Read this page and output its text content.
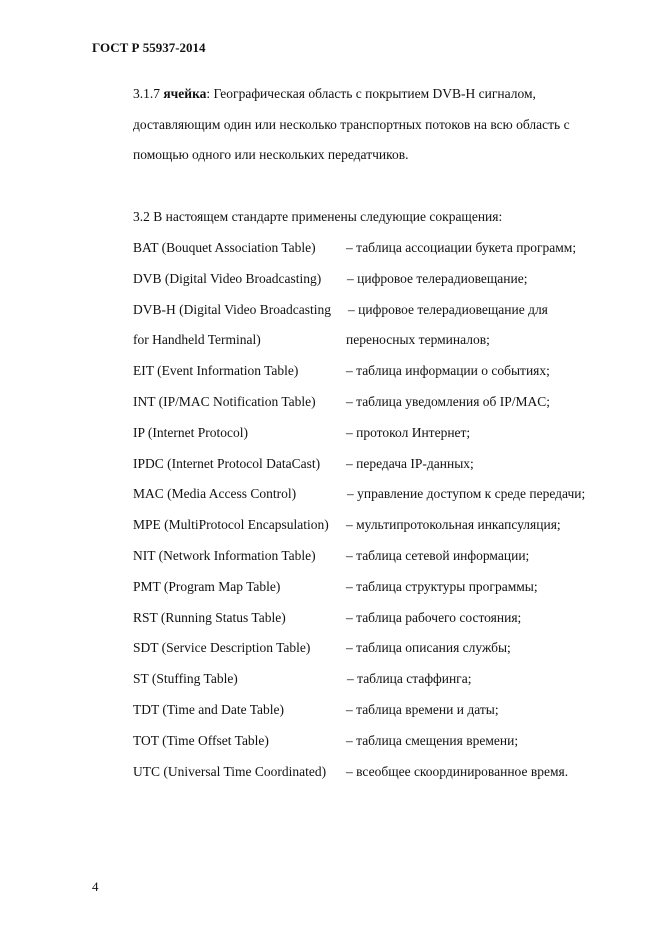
ГОСТ Р 55937-2014
3.1.7 ячейка: Географическая область с покрытием DVB-H сигналом,
доставляющим один или несколько транспортных потоков на всю область с
помощью одного или нескольких передатчиков.
3.2 В настоящем стандарте применены следующие сокращения:
BAT (Bouquet Association Table) – таблица ассоциации букета программ;
DVB (Digital Video Broadcasting) – цифровое телерадиовещание;
DVB-H (Digital Video Broadcasting – цифровое телерадиовещание для
for Handheld Terminal)	переносных терминалов;
EIT (Event Information Table)	– таблица информации о событиях;
INT (IP/MAC Notification Table) – таблица уведомления об IP/MAC;
IP (Internet Protocol)	– протокол Интернет;
IPDC (Internet Protocol DataCast) – передача IP-данных;
MAC (Media Access Control)	– управление доступом к среде передачи;
MPE (MultiProtocol Encapsulation) – мультипротокольная инкапсуляция;
NIT (Network Information Table) – таблица сетевой информации;
PMT (Program Map Table)	– таблица структуры программы;
RST (Running Status Table)	– таблица рабочего состояния;
SDT (Service Description Table)	– таблица описания службы;
ST (Stuffing Table)	– таблица стаффинга;
TDT (Time and Date Table)	– таблица времени и даты;
TOT (Time Offset Table)	– таблица смещения времени;
UTC (Universal Time Coordinated) – всеобщее скоординированное время.
4
